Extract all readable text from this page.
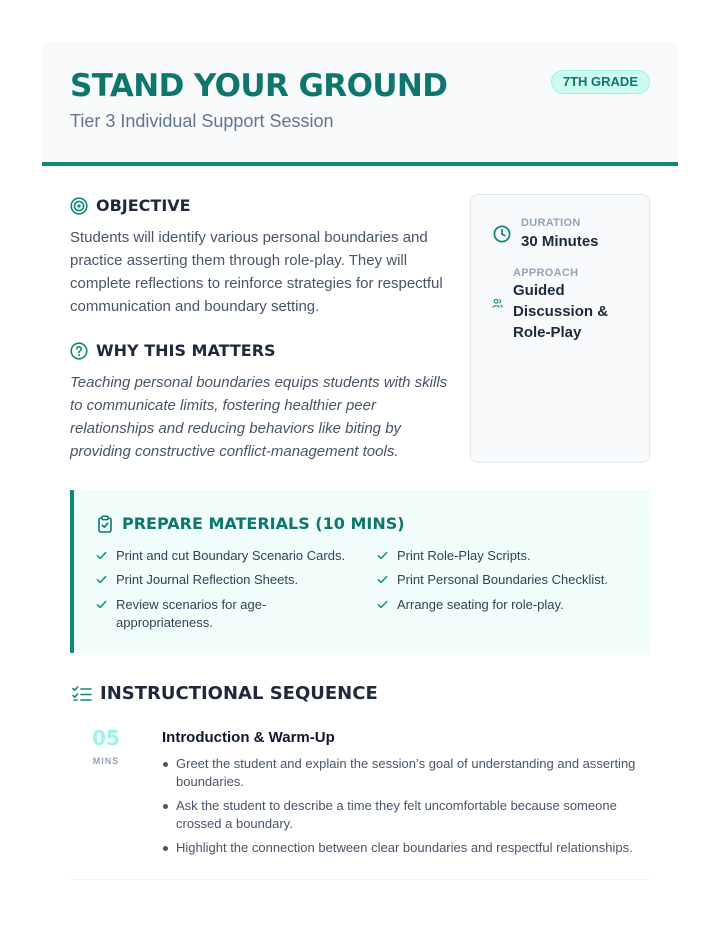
STAND YOUR GROUND
Tier 3 Individual Support Session
7TH GRADE
OBJECTIVE
Students will identify various personal boundaries and practice asserting them through role-play. They will complete reflections to reinforce strategies for respectful communication and boundary setting.
WHY THIS MATTERS
Teaching personal boundaries equips students with skills to communicate limits, fostering healthier peer relationships and reducing behaviors like biting by providing constructive conflict-management tools.
DURATION
30 Minutes
APPROACH
Guided Discussion & Role-Play
PREPARE MATERIALS (10 MINS)
Print and cut Boundary Scenario Cards.	Print Role-Play Scripts.
Print Journal Reflection Sheets.	Print Personal Boundaries Checklist.
Review scenarios for age-appropriateness.
Arrange seating for role-play.
INSTRUCTIONAL SEQUENCE
05
MINS
Introduction & Warm-Up
Greet the student and explain the session’s goal of understanding and asserting boundaries.
Ask the student to describe a time they felt uncomfortable because someone crossed a boundary.
Highlight the connection between clear boundaries and respectful relationships.
